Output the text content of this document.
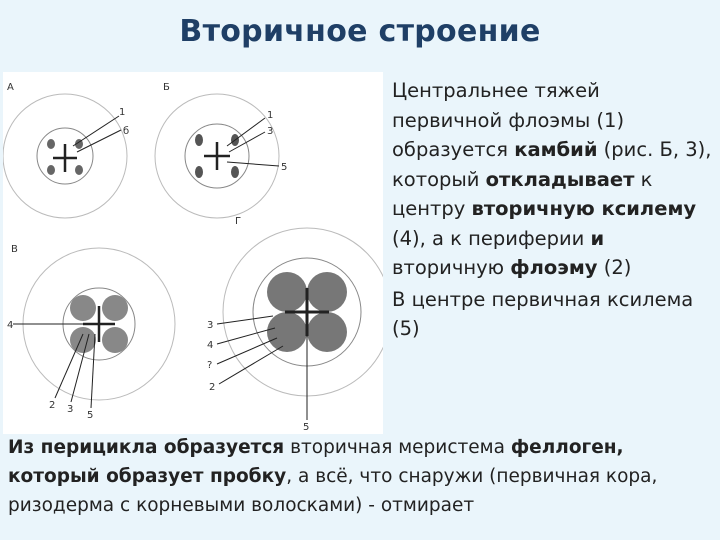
Вторичное строение
А
1
б
Б
1
3
5
В
4
2 3
5
Г
3
4
?
2
5

Центральнее тяжей первичной флоэмы (1) образуется камбий (рис. Б, 3), который откладывает к центру вторичную ксилему (4), а к периферии и вторичную флоэму (2)

В центре первичная ксилема (5)

Из перицикла образуется вторичная меристема феллоген, который образует пробку, а всё, что снаружи (первичная кора, ризодерма с корневыми волосками) - отмирает
